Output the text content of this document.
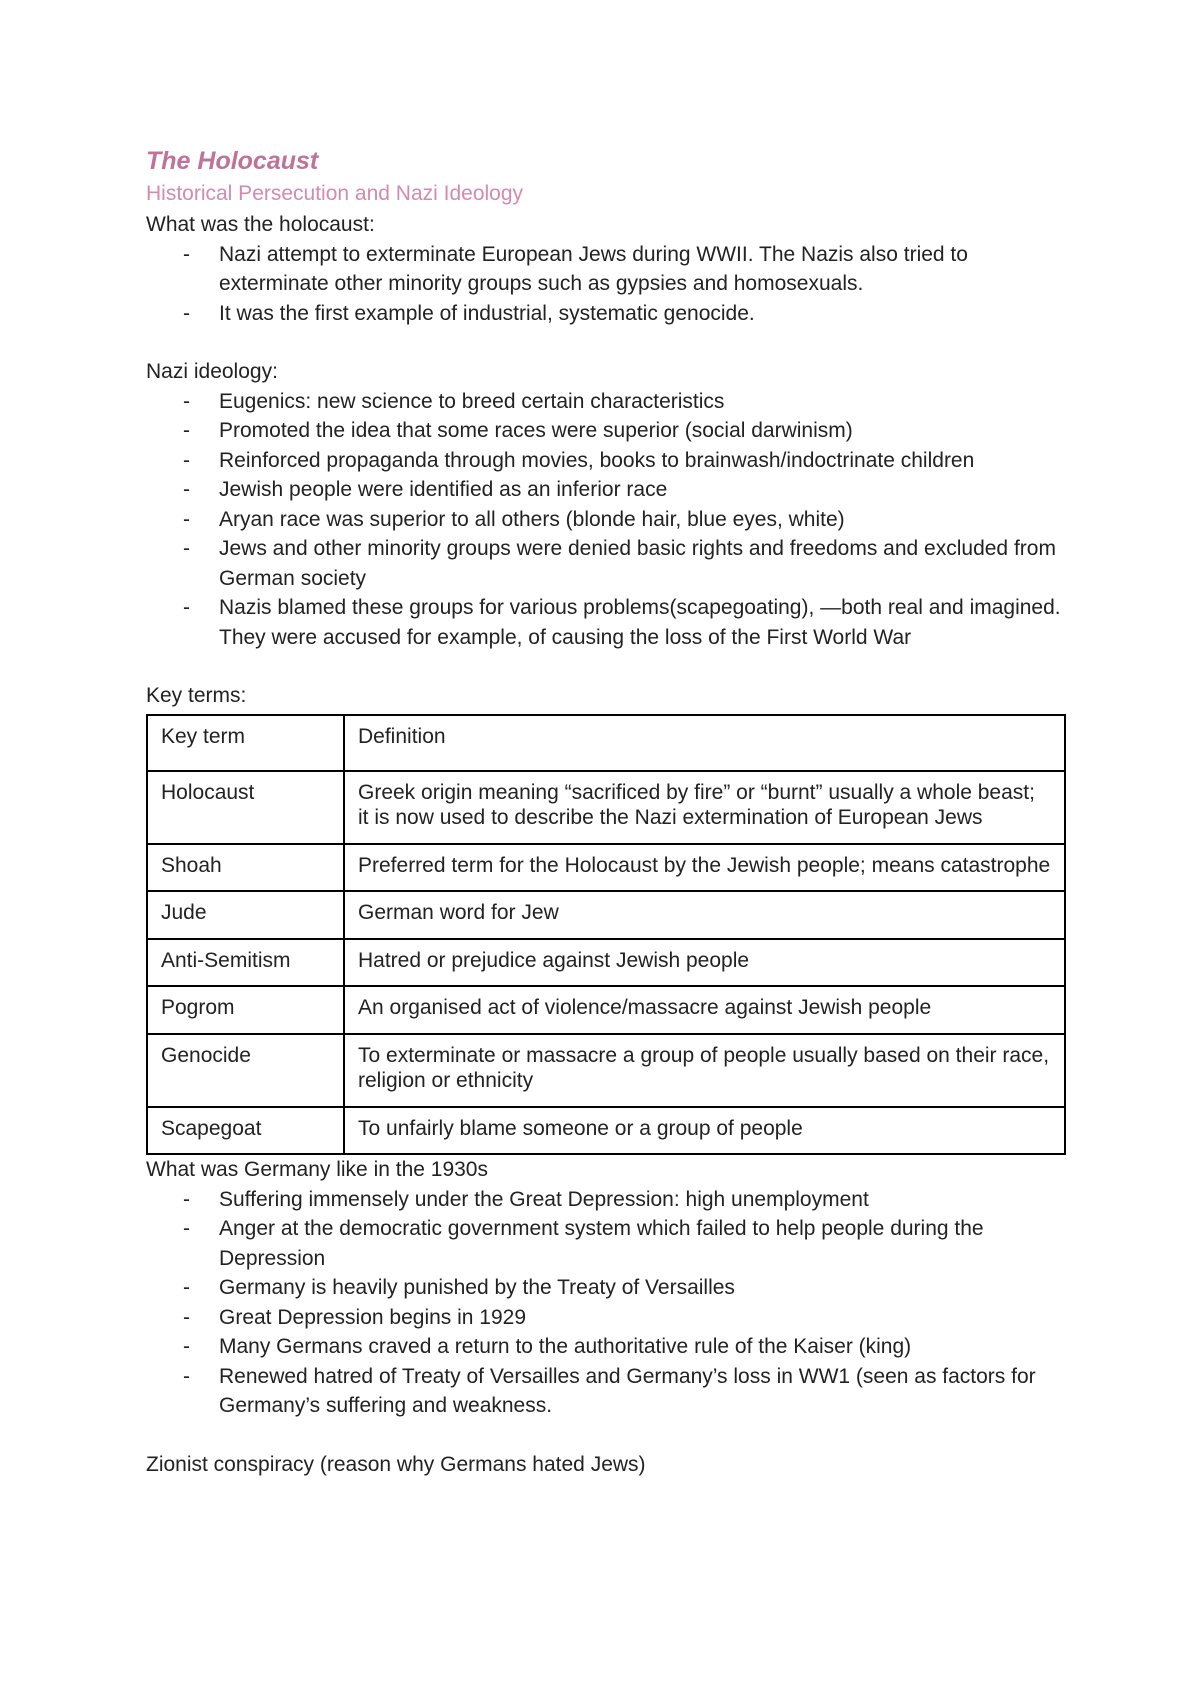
The Holocaust
Historical Persecution and Nazi Ideology
What was the holocaust:
- Nazi attempt to exterminate European Jews during WWII. The Nazis also tried to exterminate other minority groups such as gypsies and homosexuals.
- It was the first example of industrial, systematic genocide.
Nazi ideology:
- Eugenics: new science to breed certain characteristics
- Promoted the idea that some races were superior (social darwinism)
- Reinforced propaganda through movies, books to brainwash/indoctrinate children
- Jewish people were identified as an inferior race
- Aryan race was superior to all others (blonde hair, blue eyes, white)
- Jews and other minority groups were denied basic rights and freedoms and excluded from German society
- Nazis blamed these groups for various problems(scapegoating), —both real and imagined. They were accused for example, of causing the loss of the First World War
Key terms:
Key term	Definition
Holocaust	Greek origin meaning “sacrificed by fire” or “burnt” usually a whole beast; it is now used to describe the Nazi extermination of European Jews
Shoah	Preferred term for the Holocaust by the Jewish people; means catastrophe
Jude	German word for Jew
Anti-Semitism	Hatred or prejudice against Jewish people
Pogrom	An organised act of violence/massacre against Jewish people
Genocide	To exterminate or massacre a group of people usually based on their race, religion or ethnicity
Scapegoat	To unfairly blame someone or a group of people
What was Germany like in the 1930s
- Suffering immensely under the Great Depression: high unemployment
- Anger at the democratic government system which failed to help people during the Depression
- Germany is heavily punished by the Treaty of Versailles
- Great Depression begins in 1929
- Many Germans craved a return to the authoritative rule of the Kaiser (king)
- Renewed hatred of Treaty of Versailles and Germany’s loss in WW1 (seen as factors for Germany’s suffering and weakness.
Zionist conspiracy (reason why Germans hated Jews)
